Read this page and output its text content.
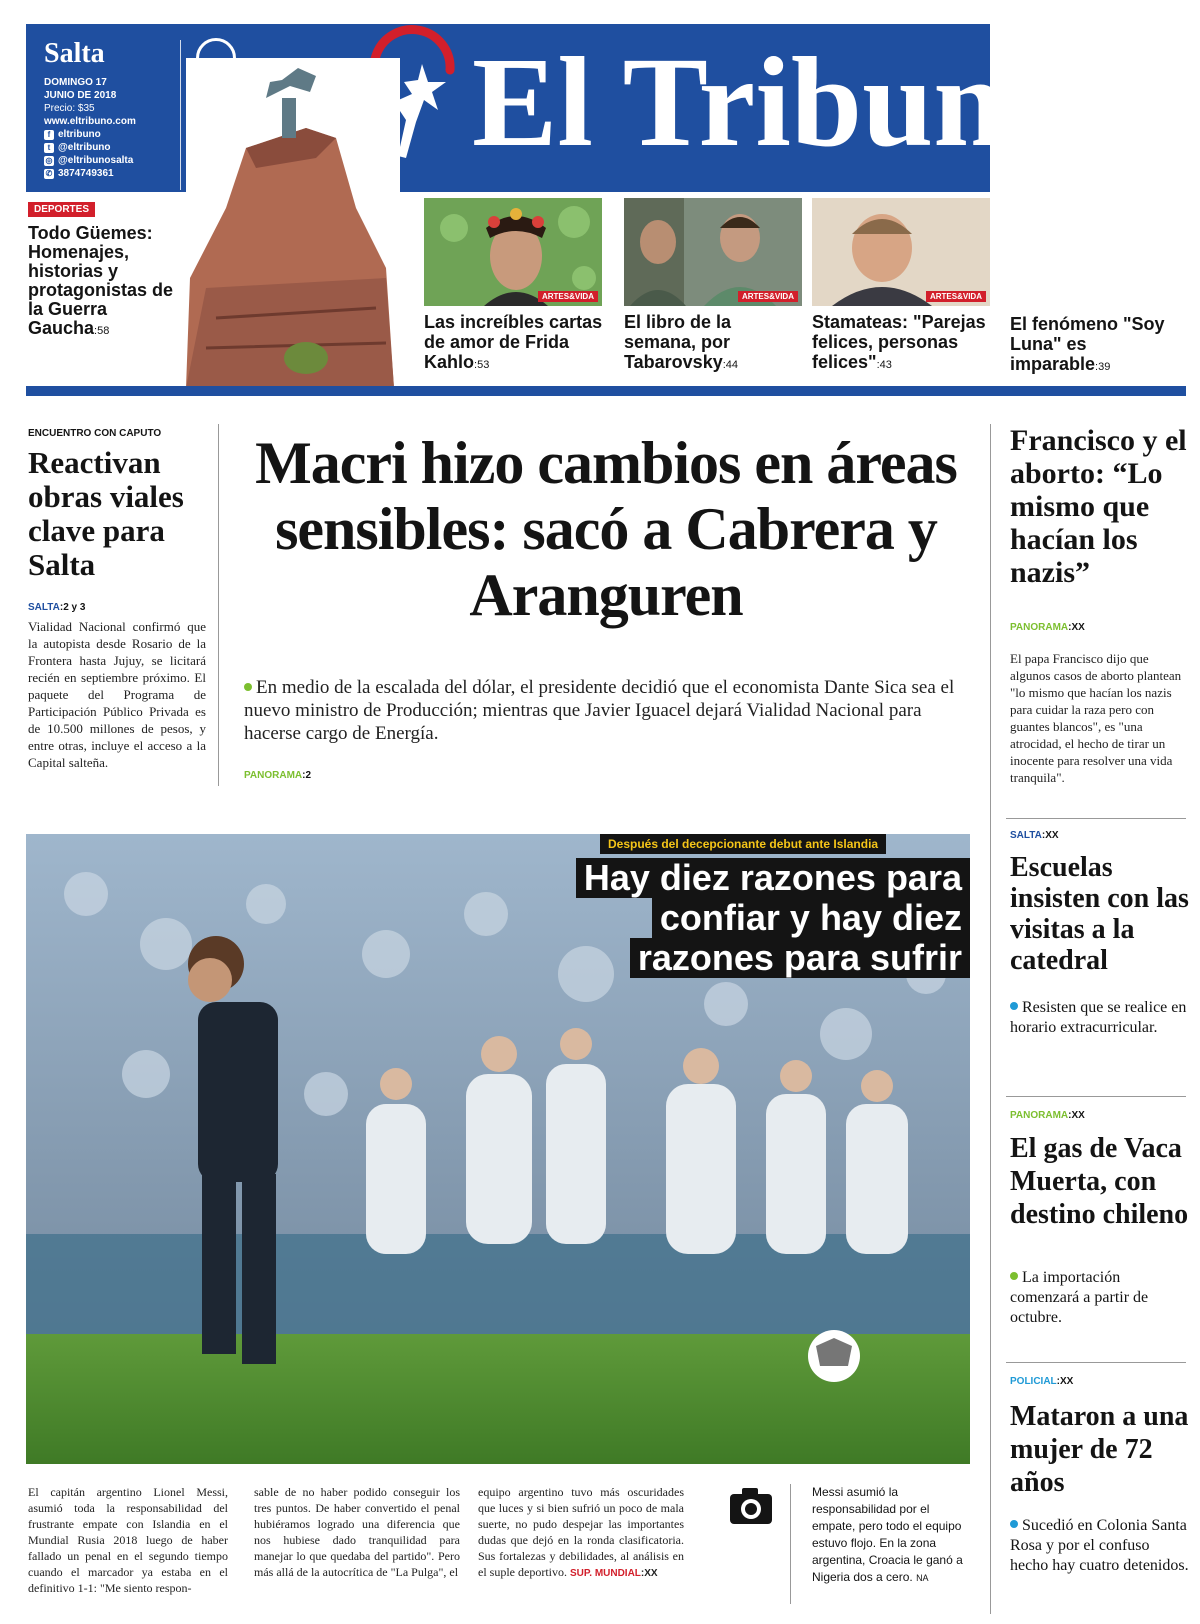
Salta
DOMINGO 17
JUNIO DE 2018
Precio: $35
www.eltribuno.com
f eltribuno
t @eltribuno
◎ @eltribunosalta
✆ 3874749361
El Tribuno
DEPORTES
Todo Güemes: Homenajes, historias y protagonistas de la Guerra Gaucha:58
ARTES&VIDA
Las increíbles cartas de amor de Frida Kahlo:53
ARTES&VIDA
El libro de la semana, por Tabarovsky:44
ARTES&VIDA
Stamateas: "Parejas felices, personas felices":43
El fenómeno "Soy Luna" es imparable:39
ENCUENTRO CON CAPUTO
Reactivan obras viales clave para Salta
SALTA:2 y 3
Vialidad Nacional confirmó que la autopista desde Rosario de la Frontera hasta Jujuy, se licitará recién en septiembre próximo. El paquete del Programa de Participación Público Privada es de 10.500 millones de pesos, y entre otras, incluye el acceso a la Capital salteña.
Macri hizo cambios en áreas sensibles: sacó a Cabrera y Aranguren
En medio de la escalada del dólar, el presidente decidió que el economista Dante Sica sea el nuevo ministro de Producción; mientras que Javier Iguacel dejará Vialidad Nacional para hacerse cargo de Energía.
PANORAMA:2
Francisco y el aborto: “Lo mismo que hacían los nazis”
PANORAMA:XX
El papa Francisco dijo que algunos casos de aborto plantean "lo mismo que hacían los nazis para cuidar la raza pero con guantes blancos", es "una atrocidad, el hecho de tirar un inocente para resolver una vida tranquila".
SALTA:XX
Escuelas insisten con las visitas a la catedral
Resisten que se realice en horario extracurricular.
PANORAMA:XX
El gas de Vaca Muerta, con destino chileno
La importación comenzará a partir de octubre.
POLICIAL:XX
Mataron a una mujer de 72 años
Sucedió en Colonia Santa Rosa y por el confuso hecho hay cuatro detenidos.
Después del decepcionante debut ante Islandia
Hay diez razones para
confiar y hay diez
razones para sufrir
El capitán argentino Lionel Messi, asumió toda la responsabilidad del frustrante empate con Islandia en el Mundial Rusia 2018 luego de haber fallado un penal en el segundo tiempo cuando el marcador ya estaba en el definitivo 1-1: "Me siento respon-
sable de no haber podido conseguir los tres puntos. De haber convertido el penal hubiéramos logrado una diferencia que nos hubiese dado tranquilidad para manejar lo que quedaba del partido". Pero más allá de la autocrítica de "La Pulga", el
equipo argentino tuvo más oscuridades que luces y si bien sufrió un poco de mala suerte, no pudo despejar las importantes dudas que dejó en la ronda clasificatoria. Sus fortalezas y debilidades, al análisis en el suple deportivo. SUP. MUNDIAL:XX
Messi asumió la responsabilidad por el empate, pero todo el equipo estuvo flojo. En la zona argentina, Croacia le ganó a Nigeria dos a cero. NA
